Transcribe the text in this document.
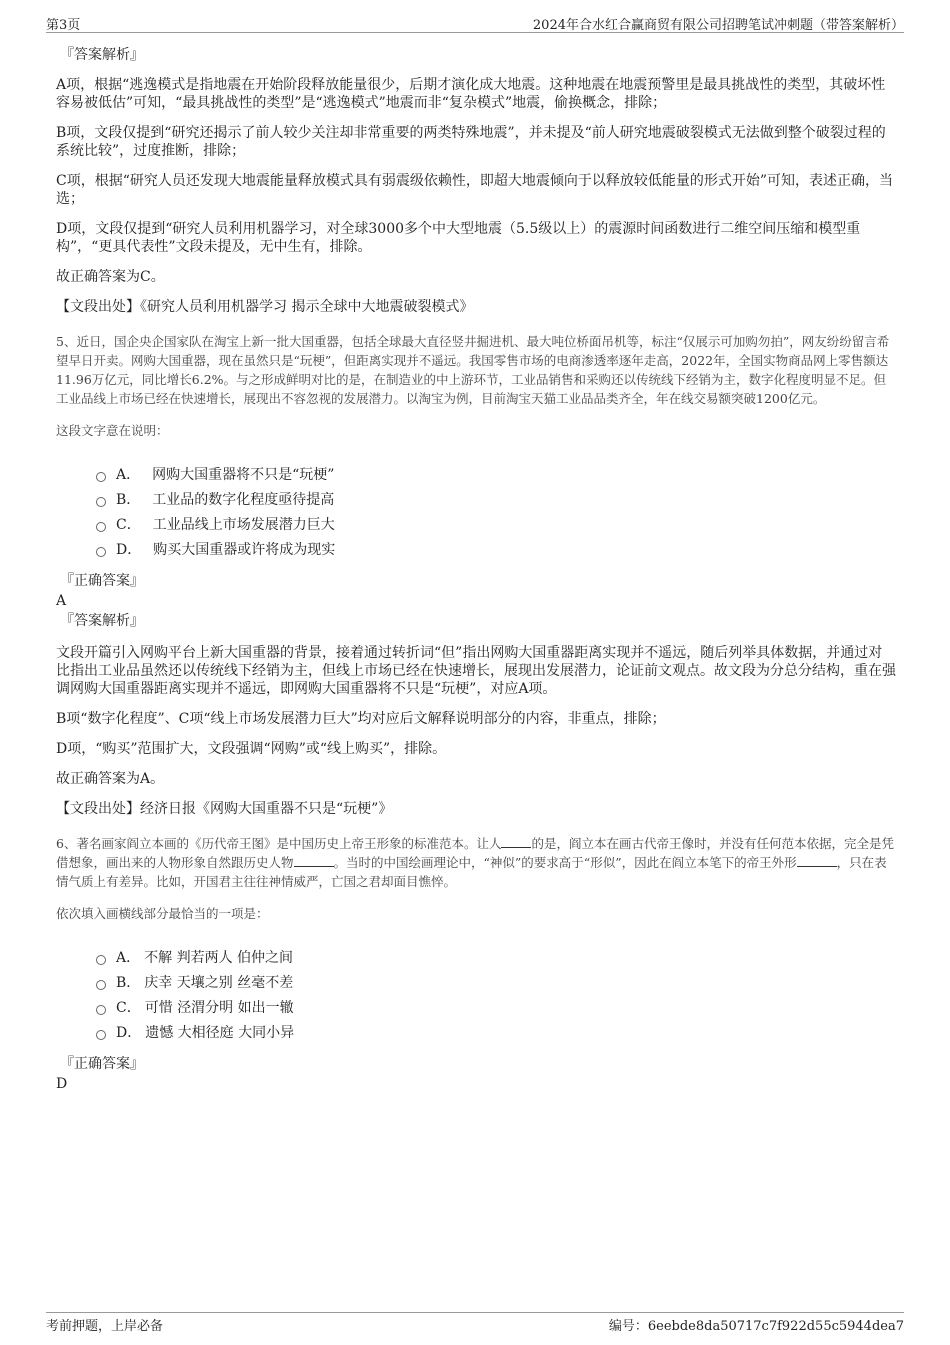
第3页	2024年合水红合赢商贸有限公司招聘笔试冲刺题（带答案解析）
『答案解析』
A项，根据“逃逸模式是指地震在开始阶段释放能量很少，后期才演化成大地震。这种地震在地震预警里是最具挑战性的类型，其破坏性容易被低估”可知，“最具挑战性的类型”是“逃逸模式”地震而非“复杂模式”地震，偷换概念，排除；
B项，文段仅提到“研究还揭示了前人较少关注却非常重要的两类特殊地震”，并未提及“前人研究地震破裂模式无法做到整个破裂过程的系统比较”，过度推断，排除；
C项，根据“研究人员还发现大地震能量释放模式具有弱震级依赖性，即超大地震倾向于以释放较低能量的形式开始”可知，表述正确，当选；
D项，文段仅提到“研究人员利用机器学习，对全球3000多个中大型地震（5.5级以上）的震源时间函数进行二维空间压缩和模型重构”，“更具代表性”文段未提及，无中生有，排除。
故正确答案为C。
【文段出处】《研究人员利用机器学习 揭示全球中大地震破裂模式》
5、近日，国企央企国家队在淘宝上新一批大国重器，包括全球最大直径竖井掘进机、最大吨位桥面吊机等，标注“仅展示可加购勿拍”，网友纷纷留言希望早日开卖。网购大国重器，现在虽然只是“玩梗”，但距离实现并不遥远。我国零售市场的电商渗透率逐年走高，2022年，全国实物商品网上零售额达11.96万亿元，同比增长6.2%。与之形成鲜明对比的是，在制造业的中上游环节，工业品销售和采购还以传统线下经销为主，数字化程度明显不足。但工业品线上市场已经在快速增长，展现出不容忽视的发展潜力。以淘宝为例，目前淘宝天猫工业品品类齐全，年在线交易额突破1200亿元。
这段文字意在说明：
A． 网购大国重器将不只是“玩梗”
B． 工业品的数字化程度亟待提高
C． 工业品线上市场发展潜力巨大
D． 购买大国重器或许将成为现实
『正确答案』
A
『答案解析』
文段开篇引入网购平台上新大国重器的背景，接着通过转折词“但”指出网购大国重器距离实现并不遥远，随后列举具体数据，并通过对比指出工业品虽然还以传统线下经销为主，但线上市场已经在快速增长，展现出发展潜力，论证前文观点。故文段为分总分结构，重在强调网购大国重器距离实现并不遥远，即网购大国重器将不只是“玩梗”，对应A项。
B项“数字化程度”、C项“线上市场发展潜力巨大”均对应后文解释说明部分的内容，非重点，排除；
D项，“购买”范围扩大，文段强调“网购”或“线上购买”，排除。
故正确答案为A。
【文段出处】经济日报《网购大国重器不只是“玩梗”》
6、著名画家阎立本画的《历代帝王图》是中国历史上帝王形象的标准范本。让人 的是，阎立本在画古代帝王像时，并没有任何范本依据，完全是凭借想象，画出来的人物形象自然跟历史人物	。当时的中国绘画理论中，“神似”的要求高于“形似”，因此在阎立本笔下的帝王外形	，只在表情气质上有差异。比如，开国君主往往神情威严，亡国之君却面目憔悴。
依次填入画横线部分最恰当的一项是：
A． 不解 判若两人 伯仲之间
B． 庆幸 天壤之别 丝毫不差
C． 可惜 泾渭分明 如出一辙
D． 遗憾 大相径庭 大同小异
『正确答案』
D
考前押题，上岸必备	编号：6eebde8da50717c7f922d55c5944dea7
